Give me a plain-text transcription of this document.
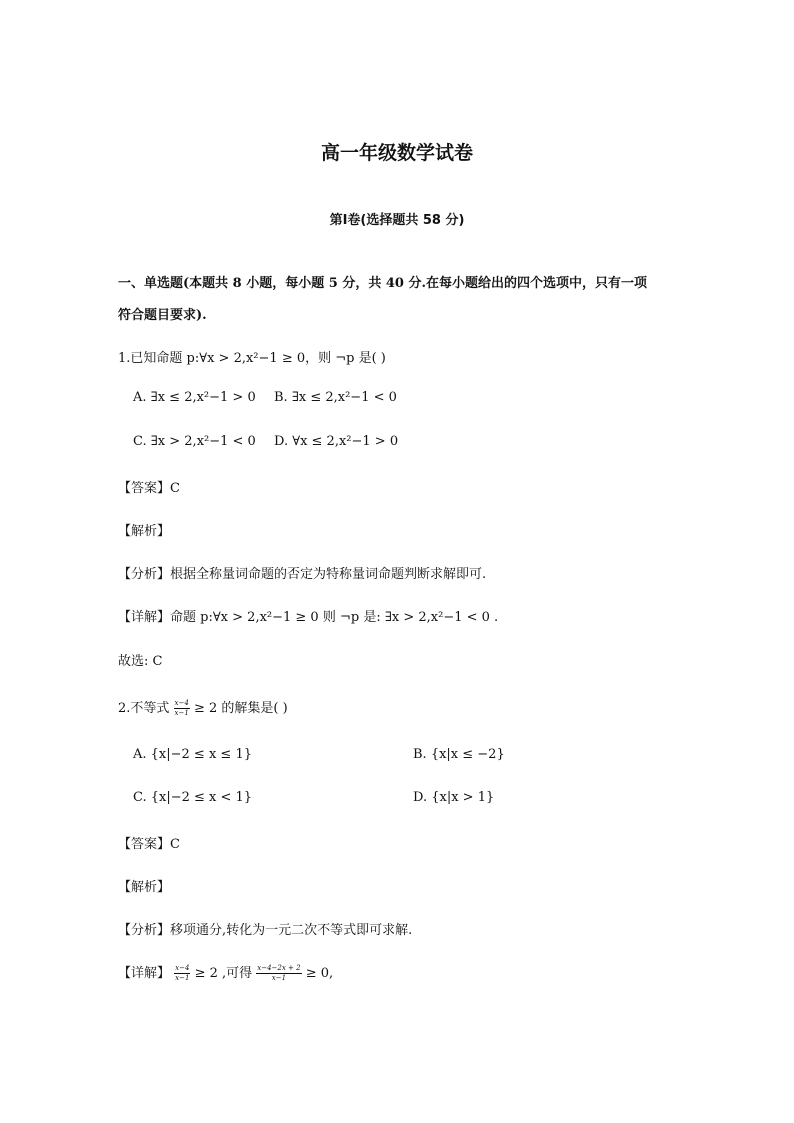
高一年级数学试卷
第Ⅰ卷(选择题共 58 分)
一、单选题(本题共 8 小题，每小题 5 分，共 40 分.在每小题给出的四个选项中，只有一项
符合题目要求).
1.已知命题 p:∀x > 2,x²−1 ≥ 0，则 ¬p 是( )
A. ∃x ≤ 2,x²−1 > 0 B. ∃x ≤ 2,x²−1 < 0
C. ∃x > 2,x²−1 < 0 D. ∀x ≤ 2,x²−1 > 0
【答案】C
【解析】
【分析】根据全称量词命题的否定为特称量词命题判断求解即可.
【详解】命题 p:∀x > 2,x²−1 ≥ 0 则 ¬p 是: ∃x > 2,x²−1 < 0 .
故选: C
2.不等式 $\frac{x-4}{x-1} \ge 2$ 的解集是( )
A. {x|−2 ≤ x ≤ 1}	B. {x|x ≤ −2}
C. {x|−2 ≤ x < 1}	D. {x|x > 1}
【答案】C
【解析】
【分析】移项通分,转化为一元二次不等式即可求解.
【详解】 $\frac{x-4}{x-1} \ge 2$ ,可得 $\frac{x-4-2x + 2}{x-1} \ge 0$,
